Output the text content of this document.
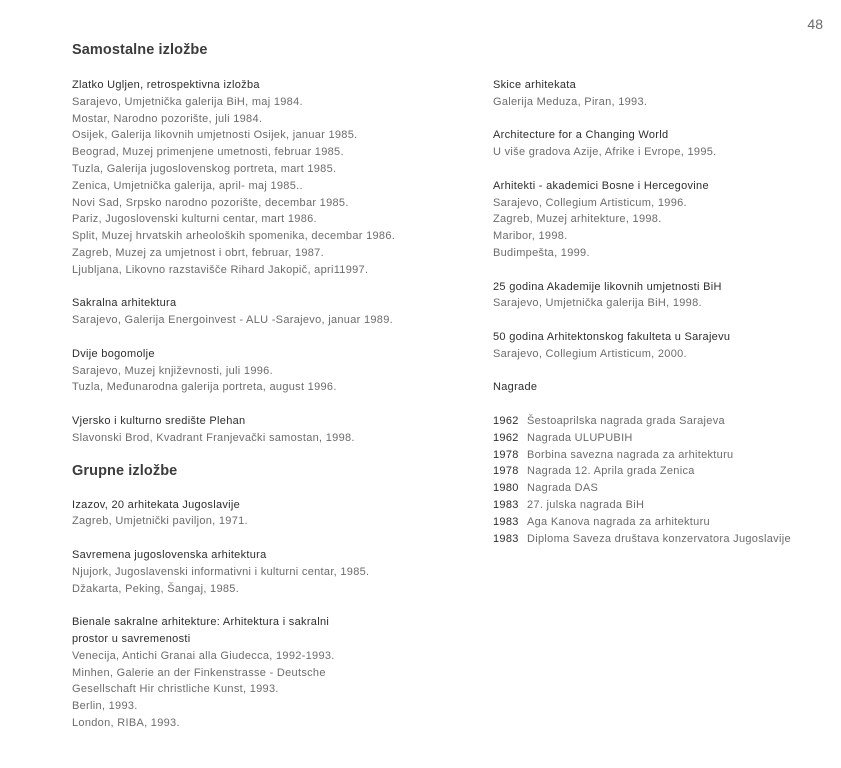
48
Samostalne izložbe
Zlatko Ugljen, retrospektivna izložba
Sarajevo, Umjetnička galerija BiH, maj 1984.
Mostar, Narodno pozorište, juli 1984.
Osijek, Galerija likovnih umjetnosti Osijek, januar 1985.
Beograd, Muzej primenjene umetnosti, februar 1985.
Tuzla, Galerija jugoslovenskog portreta, mart 1985.
Zenica, Umjetnička galerija, april- maj 1985..
Novi Sad, Srpsko narodno pozorište, decembar 1985.
Pariz, Jugoslovenski kulturni centar, mart 1986.
Split, Muzej hrvatskih arheoloških spomenika, decembar 1986.
Zagreb, Muzej za umjetnost i obrt, februar, 1987.
Ljubljana, Likovno razstavišče Rihard Jakopič, apri11997.
Sakralna arhitektura
Sarajevo, Galerija Energoinvest - ALU -Sarajevo, januar 1989.
Dvije bogomolje
Sarajevo, Muzej književnosti, juli 1996.
Tuzla, Međunarodna galerija portreta, august 1996.
Vjersko i kulturno središte Plehan
Slavonski Brod, Kvadrant Franjevački samostan, 1998.
Grupne izložbe
Izazov, 20 arhitekata Jugoslavije
Zagreb, Umjetnički paviljon, 1971.
Savremena jugoslovenska arhitektura
Njujork, Jugoslavenski informativni i kulturni centar, 1985.
Džakarta, Peking, Šangaj, 1985.
Bienale sakralne arhitekture: Arhitektura i sakralni
prostor u savremenosti
Venecija, Antichi Granai alla Giudecca, 1992-1993.
Minhen, Galerie an der Finkenstrasse - Deutsche
Gesellschaft Hir christliche Kunst, 1993.
Berlin, 1993.
London, RIBA, 1993.
Skice arhitekata
Galerija Meduza, Piran, 1993.
Architecture for a Changing World
U više gradova Azije, Afrike i Evrope, 1995.
Arhitekti - akademici Bosne i Hercegovine
Sarajevo, Collegium Artisticum, 1996.
Zagreb, Muzej arhitekture, 1998.
Maribor, 1998.
Budimpešta, 1999.
25 godina Akademije likovnih umjetnosti BiH
Sarajevo, Umjetnička galerija BiH, 1998.
50 godina Arhitektonskog fakulteta u Sarajevu
Sarajevo, Collegium Artisticum, 2000.
Nagrade
1962 Šestoaprilska nagrada grada Sarajeva
1962 Nagrada ULUPUBIH
1978 Borbina savezna nagrada za arhitekturu
1978 Nagrada 12. Aprila grada Zenica
1980 Nagrada DAS
1983 27. julska nagrada BiH
1983 Aga Kanova nagrada za arhitekturu
1983 Diploma Saveza društava konzervatora Jugoslavije
